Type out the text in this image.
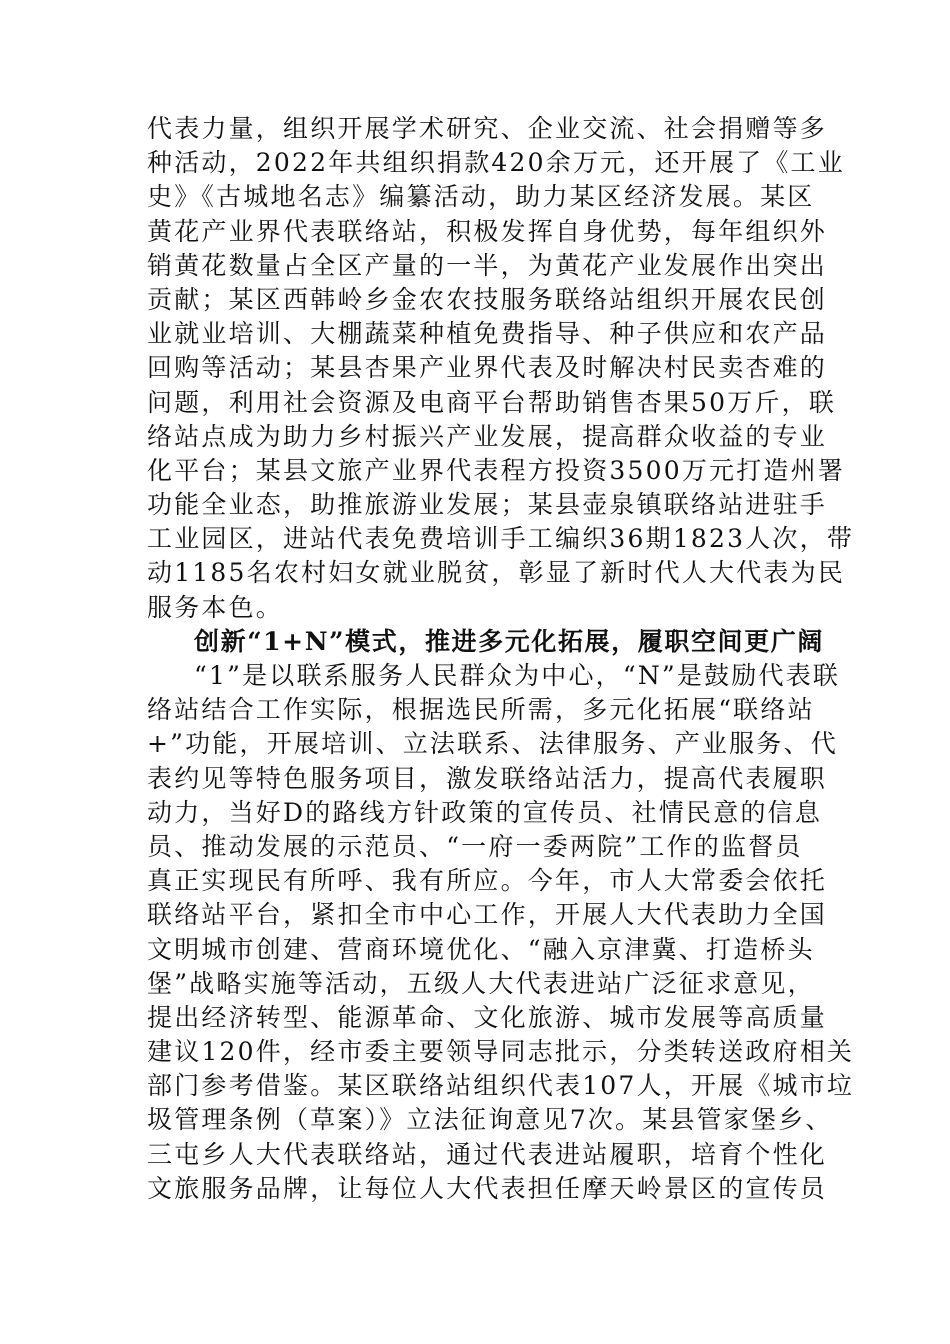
代表力量，组织开展学术研究、企业交流、社会捐赠等多
种活动，2022年共组织捐款420余万元，还开展了《工业
史》《古城地名志》编纂活动，助力某区经济发展。某区
黄花产业界代表联络站，积极发挥自身优势，每年组织外
销黄花数量占全区产量的一半，为黄花产业发展作出突出
贡献；某区西韩岭乡金农农技服务联络站组织开展农民创
业就业培训、大棚蔬菜种植免费指导、种子供应和农产品
回购等活动；某县杏果产业界代表及时解决村民卖杏难的
问题，利用社会资源及电商平台帮助销售杏果50万斤，联
络站点成为助力乡村振兴产业发展，提高群众收益的专业
化平台；某县文旅产业界代表程方投资3500万元打造州署
功能全业态，助推旅游业发展；某县壶泉镇联络站进驻手
工业园区，进站代表免费培训手工编织36期1823人次，带
动1185名农村妇女就业脱贫，彰显了新时代人大代表为民
服务本色。
创新“1+N”模式，推进多元化拓展，履职空间更广阔
“1”是以联系服务人民群众为中心，“N”是鼓励代表联
络站结合工作实际，根据选民所需，多元化拓展“联络站
+”功能，开展培训、立法联系、法律服务、产业服务、代
表约见等特色服务项目，激发联络站活力，提高代表履职
动力，当好D的路线方针政策的宣传员、社情民意的信息
员、推动发展的示范员、“一府一委两院”工作的监督员
真正实现民有所呼、我有所应。今年，市人大常委会依托
联络站平台，紧扣全市中心工作，开展人大代表助力全国
文明城市创建、营商环境优化、“融入京津冀、打造桥头
堡”战略实施等活动，五级人大代表进站广泛征求意见，
提出经济转型、能源革命、文化旅游、城市发展等高质量
建议120件，经市委主要领导同志批示，分类转送政府相关
部门参考借鉴。某区联络站组织代表107人，开展《城市垃
圾管理条例（草案）》立法征询意见7次。某县管家堡乡、
三屯乡人大代表联络站，通过代表进站履职，培育个性化
文旅服务品牌，让每位人大代表担任摩天岭景区的宣传员
